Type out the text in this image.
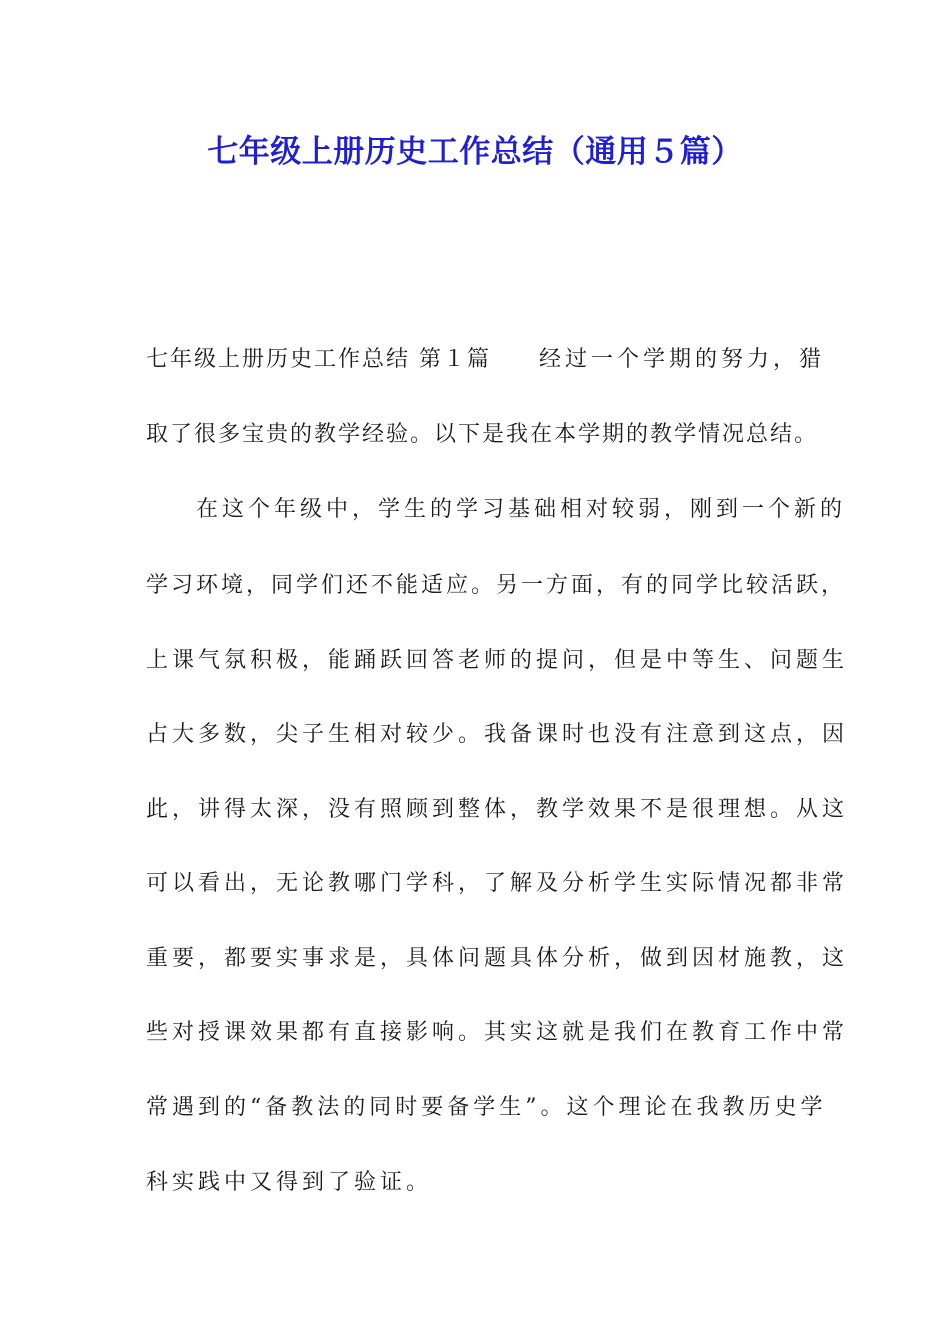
七年级上册历史工作总结（通用５篇）
七年级上册历史工作总结 第１篇 经过一个学期的努力，猎
取了很多宝贵的教学经验。以下是我在本学期的教学情况总结。
在这个年级中，学生的学习基础相对较弱，刚到一个新的
学习环境，同学们还不能适应。另一方面，有的同学比较活跃，
上课气氛积极，能踊跃回答老师的提问，但是中等生、问题生
占大多数，尖子生相对较少。我备课时也没有注意到这点，因
此，讲得太深，没有照顾到整体，教学效果不是很理想。从这
可以看出，无论教哪门学科，了解及分析学生实际情况都非常
重要，都要实事求是，具体问题具体分析，做到因材施教，这
些对授课效果都有直接影响。其实这就是我们在教育工作中常
常遇到的“备教法的同时要备学生”。这个理论在我教历史学
科实践中又得到了验证。
